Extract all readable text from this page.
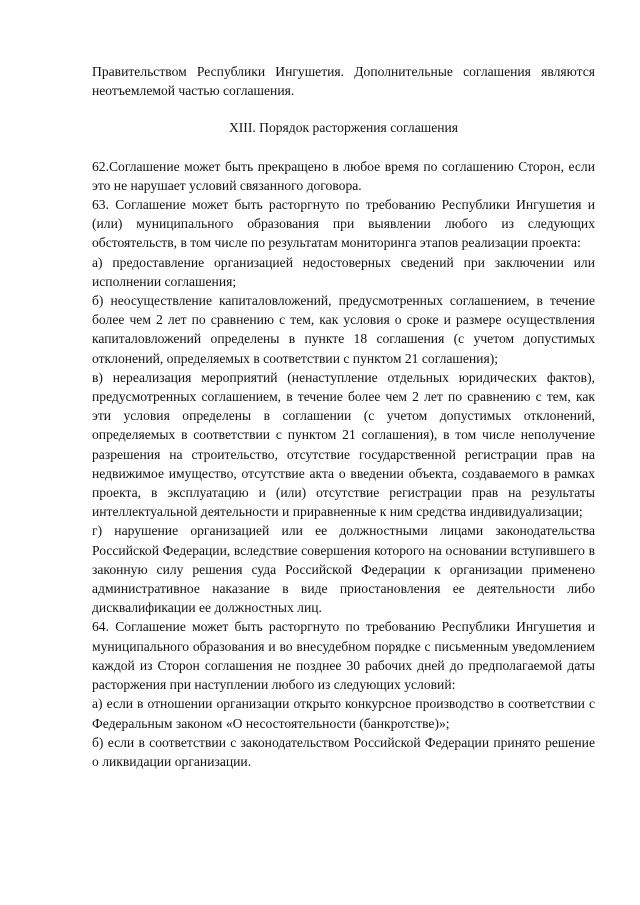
Правительством Республики Ингушетия. Дополнительные соглашения являются неотъемлемой частью соглашения.

XIII. Порядок расторжения соглашения

62.Соглашение может быть прекращено в любое время по соглашению Сторон, если это не нарушает условий связанного договора.

63. Соглашение может быть расторгнуто по требованию Республики Ингушетия и (или) муниципального образования при выявлении любого из следующих обстоятельств, в том числе по результатам мониторинга этапов реализации проекта:

а) предоставление организацией недостоверных сведений при заключении или исполнении соглашения;

б) неосуществление капиталовложений, предусмотренных соглашением, в течение более чем 2 лет по сравнению с тем, как условия о сроке и размере осуществления капиталовложений определены в пункте 18 соглашения (с учетом допустимых отклонений, определяемых в соответствии с пунктом 21 соглашения);

в) нереализация мероприятий (ненаступление отдельных юридических фактов), предусмотренных соглашением, в течение более чем 2 лет по сравнению с тем, как эти условия определены в соглашении (с учетом допустимых отклонений, определяемых в соответствии с пунктом 21 соглашения), в том числе неполучение разрешения на строительство, отсутствие государственной регистрации прав на недвижимое имущество, отсутствие акта о введении объекта, создаваемого в рамках проекта, в эксплуатацию и (или) отсутствие регистрации прав на результаты интеллектуальной деятельности и приравненные к ним средства индивидуализации;

г) нарушение организацией или ее должностными лицами законодательства Российской Федерации, вследствие совершения которого на основании вступившего в законную силу решения суда Российской Федерации к организации применено административное наказание в виде приостановления ее деятельности либо дисквалификации ее должностных лиц.

64. Соглашение может быть расторгнуто по требованию Республики Ингушетия и муниципального образования и во внесудебном порядке с письменным уведомлением каждой из Сторон соглашения не позднее 30 рабочих дней до предполагаемой даты расторжения при наступлении любого из следующих условий:

а) если в отношении организации открыто конкурсное производство в соответствии с Федеральным законом «О несостоятельности (банкротстве)»;

б) если в соответствии с законодательством Российской Федерации принято решение о ликвидации организации.
